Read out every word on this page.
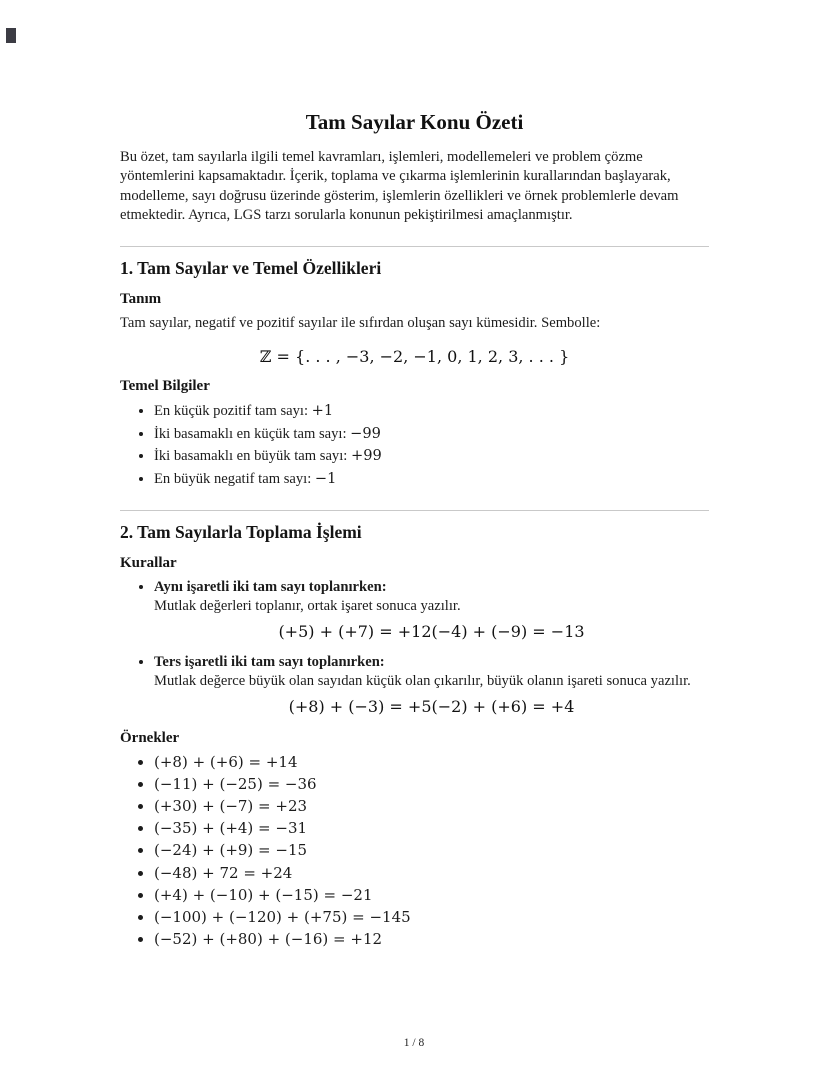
Tam Sayılar Konu Özeti

Bu özet, tam sayılarla ilgili temel kavramları, işlemleri, modellemeleri ve problem çözme yöntemlerini kapsamaktadır. İçerik, toplama ve çıkarma işlemlerinin kurallarından başlayarak, modelleme, sayı doğrusu üzerinde gösterim, işlemlerin özellikleri ve örnek problemlerle devam etmektedir. Ayrıca, LGS tarzı sorularla konunun pekiştirilmesi amaçlanmıştır.

1. Tam Sayılar ve Temel Özellikleri
Tanım

Tam sayılar, negatif ve pozitif sayılar ile sıfırdan oluşan sayı kümesidir. Sembolle:

ℤ = {. . . , −3, −2, −1, 0, 1, 2, 3, . . . }
Temel Bilgiler
• En küçük pozitif tam sayı: +1
• İki basamaklı en küçük tam sayı: −99
• İki basamaklı en büyük tam sayı: +99
• En büyük negatif tam sayı: −1
2. Tam Sayılarla Toplama İşlemi
Kurallar
• Aynı işaretli iki tam sayı toplanırken:
Mutlak değerleri toplanır, ortak işaret sonuca yazılır.
(+5) + (+7) = +12(−4) + (−9) = −13
• Ters işaretli iki tam sayı toplanırken:
Mutlak değerce büyük olan sayıdan küçük olan çıkarılır, büyük olanın işareti sonuca yazılır.
(+8) + (−3) = +5(−2) + (+6) = +4
Örnekler
• (+8) + (+6) = +14
• (−11) + (−25) = −36
• (+30) + (−7) = +23
• (−35) + (+4) = −31
• (−24) + (+9) = −15
• (−48) + 72 = +24
• (+4) + (−10) + (−15) = −21
• (−100) + (−120) + (+75) = −145
• (−52) + (+80) + (−16) = +12
1 / 8
